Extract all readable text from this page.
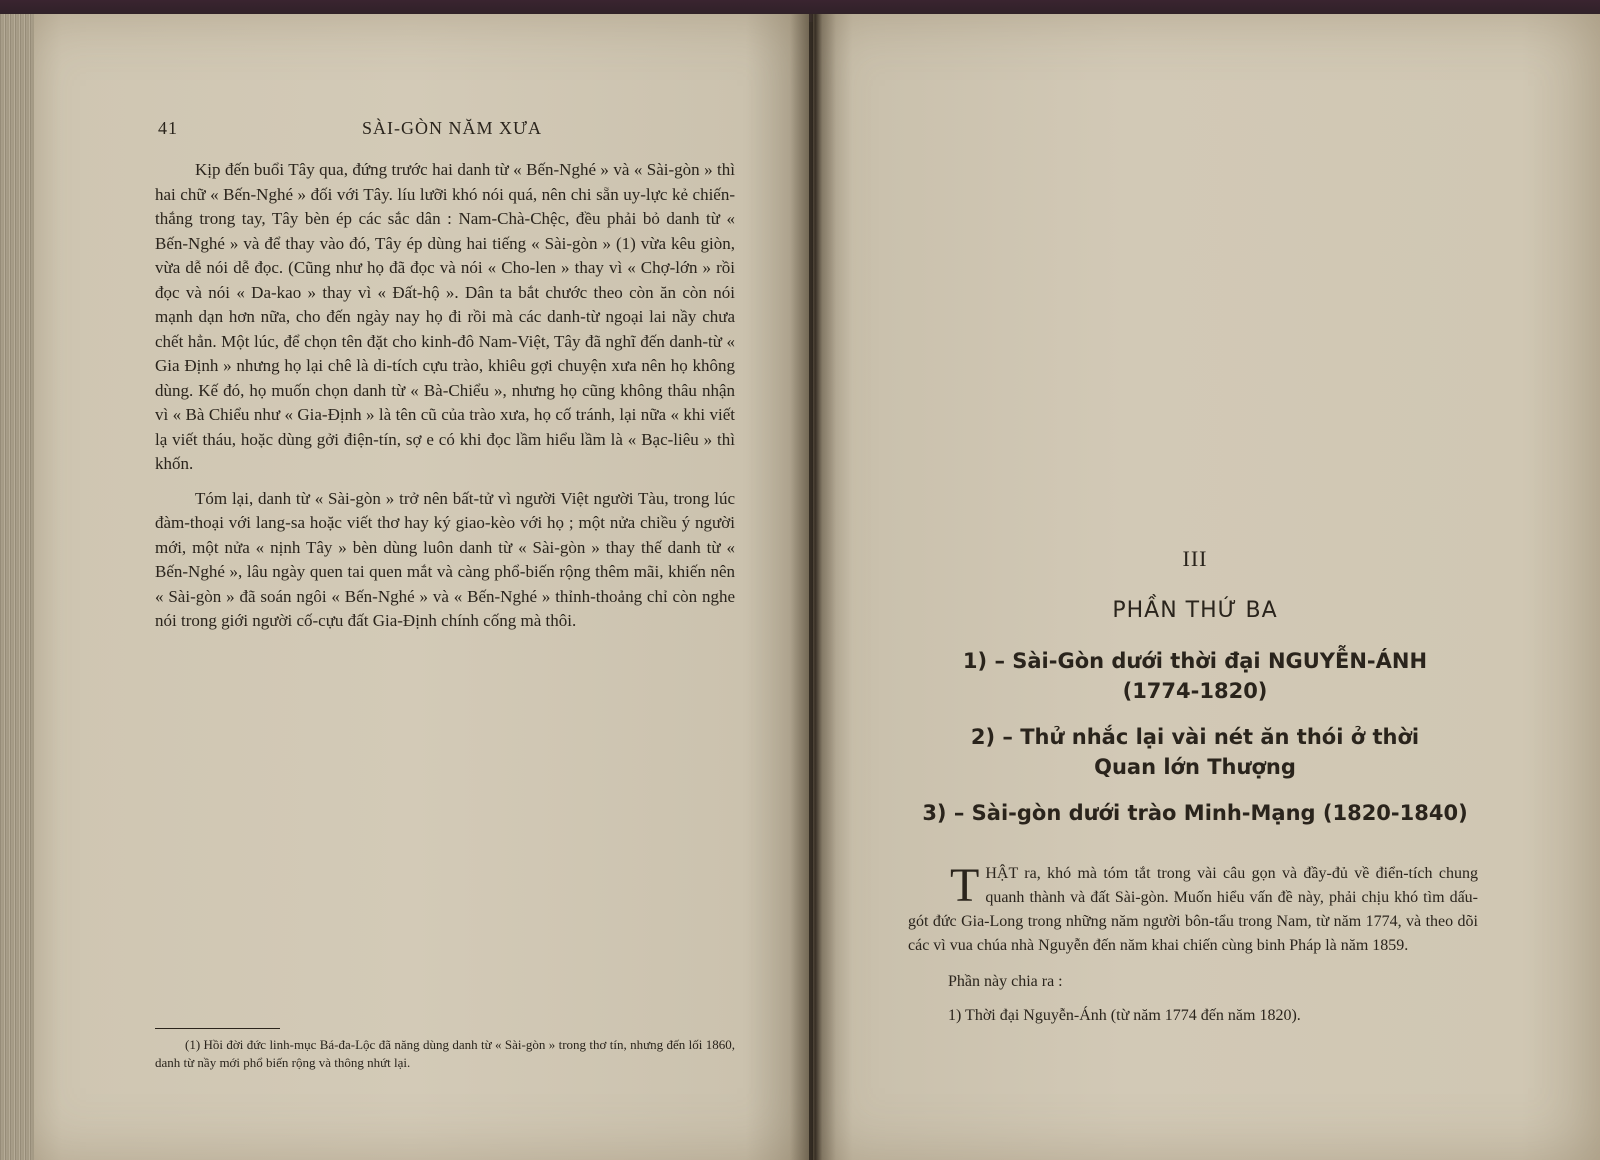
41	SÀI-GÒN NĂM XƯA

Kịp đến buổi Tây qua, đứng trước hai danh từ « Bến-Nghé » và « Sài-gòn » thì hai chữ « Bến-Nghé » đối với Tây. líu lưỡi khó nói quá, nên chi sẵn uy-lực kẻ chiến-thắng trong tay, Tây bèn ép các sắc dân : Nam-Chà-Chệc, đều phải bỏ danh từ « Bến-Nghé » và để thay vào đó, Tây ép dùng hai tiếng « Sài-gòn » (1) vừa kêu giòn, vừa dễ nói dễ đọc. (Cũng như họ đã đọc và nói « Cho-len » thay vì « Chợ-lớn » rồi đọc và nói « Da-kao » thay vì « Đất-hộ ». Dân ta bắt chước theo còn ăn còn nói mạnh dạn hơn nữa, cho đến ngày nay họ đi rồi mà các danh-từ ngoại lai nầy chưa chết hẳn. Một lúc, để chọn tên đặt cho kinh-đô Nam-Việt, Tây đã nghĩ đến danh-từ « Gia Định » nhưng họ lại chê là di-tích cựu trào, khiêu gợi chuyện xưa nên họ không dùng. Kế đó, họ muốn chọn danh từ « Bà-Chiểu », nhưng họ cũng không thâu nhận vì « Bà Chiểu như « Gia-Định » là tên cũ của trào xưa, họ cố tránh, lại nữa « khi viết lạ viết tháu, hoặc dùng gởi điện-tín, sợ e có khi đọc lầm hiểu lầm là « Bạc-liêu » thì khốn.

Tóm lại, danh từ « Sài-gòn » trở nên bất-tử vì người Việt người Tàu, trong lúc đàm-thoại với lang-sa hoặc viết thơ hay ký giao-kèo với họ ; một nửa chiều ý người mới, một nửa « nịnh Tây » bèn dùng luôn danh từ « Sài-gòn » thay thế danh từ « Bến-Nghé », lâu ngày quen tai quen mắt và càng phổ-biến rộng thêm mãi, khiến nên « Sài-gòn » đã soán ngôi « Bến-Nghé » và « Bến-Nghé » thỉnh-thoảng chỉ còn nghe nói trong giới người cố-cựu đất Gia-Định chính cống mà thôi.

(1) Hồi đời đức linh-mục Bá-đa-Lộc đã năng dùng danh từ « Sài-gòn » trong thơ tín, nhưng đến lối 1860, danh từ nầy mới phổ biến rộng và thông nhứt lại.
III
PHẦN THỨ BA
1) – Sài-Gòn dưới thời đại NGUYỄN-ÁNH
(1774-1820)
2) – Thử nhắc lại vài nét ăn thói ở thời
Quan lớn Thượng
3) – Sài-gòn dưới trào Minh-Mạng (1820-1840)

T HẬT ra, khó mà tóm tắt trong vài câu gọn và đầy-đủ về điển-tích chung quanh thành và đất Sài-gòn. Muốn hiểu vấn đề này, phải chịu khó tìm dấu-gót đức Gia-Long trong những năm người bôn-tẩu trong Nam, từ năm 1774, và theo dõi các vì vua chúa nhà Nguyễn đến năm khai chiến cùng binh Pháp là năm 1859.

Phần này chia ra :

1) Thời đại Nguyễn-Ánh (từ năm 1774 đến năm 1820).
